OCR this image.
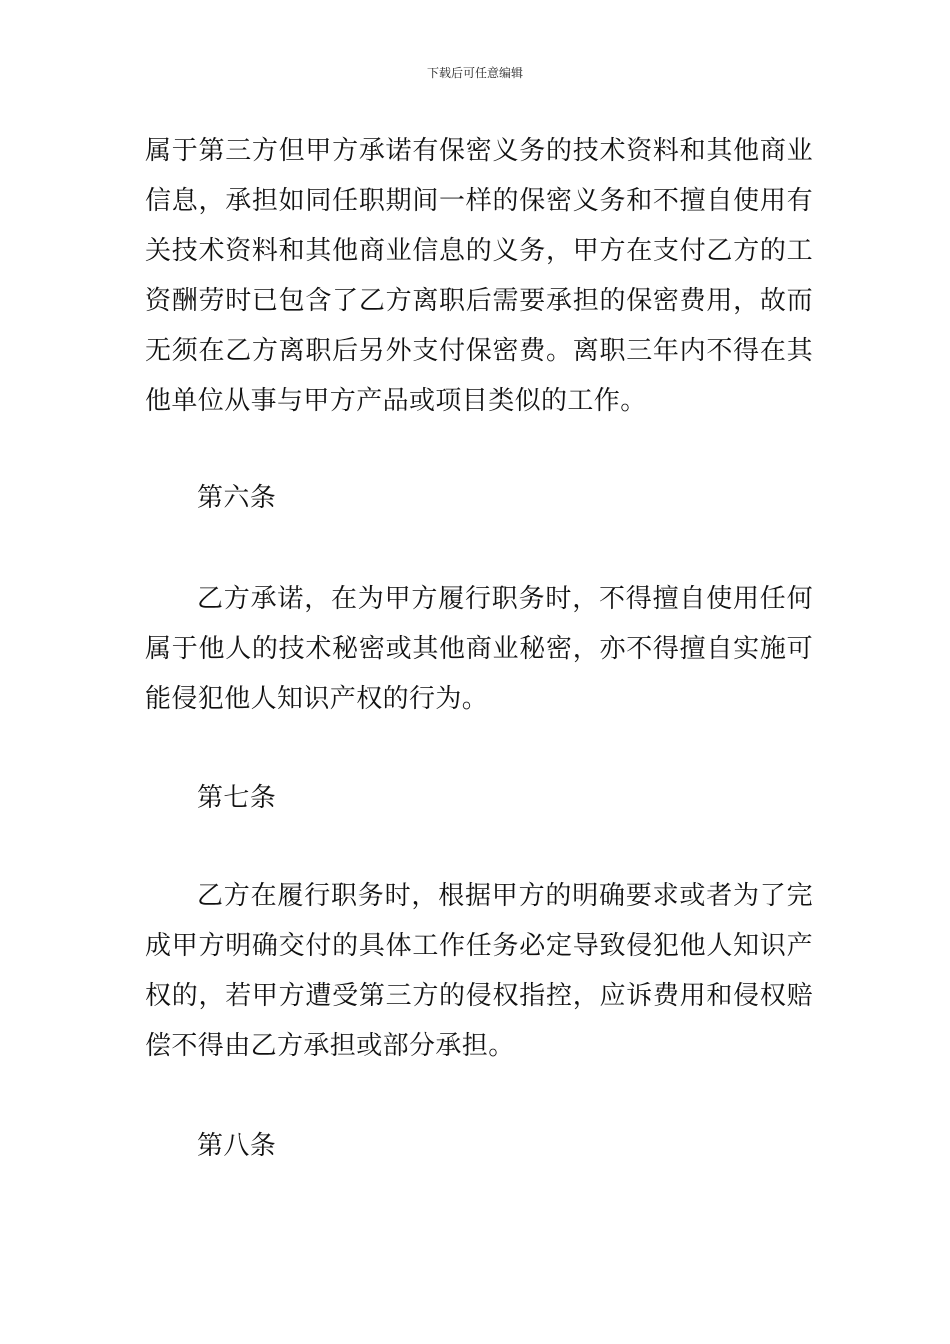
下载后可任意编辑

属于第三方但甲方承诺有保密义务的技术资料和其他商业信息，承担如同任职期间一样的保密义务和不擅自使用有关技术资料和其他商业信息的义务，甲方在支付乙方的工资酬劳时已包含了乙方离职后需要承担的保密费用，故而无须在乙方离职后另外支付保密费。离职三年内不得在其他单位从事与甲方产品或项目类似的工作。

第六条

乙方承诺，在为甲方履行职务时，不得擅自使用任何属于他人的技术秘密或其他商业秘密，亦不得擅自实施可能侵犯他人知识产权的行为。

第七条

乙方在履行职务时，根据甲方的明确要求或者为了完成甲方明确交付的具体工作任务必定导致侵犯他人知识产权的，若甲方遭受第三方的侵权指控，应诉费用和侵权赔偿不得由乙方承担或部分承担。

第八条
